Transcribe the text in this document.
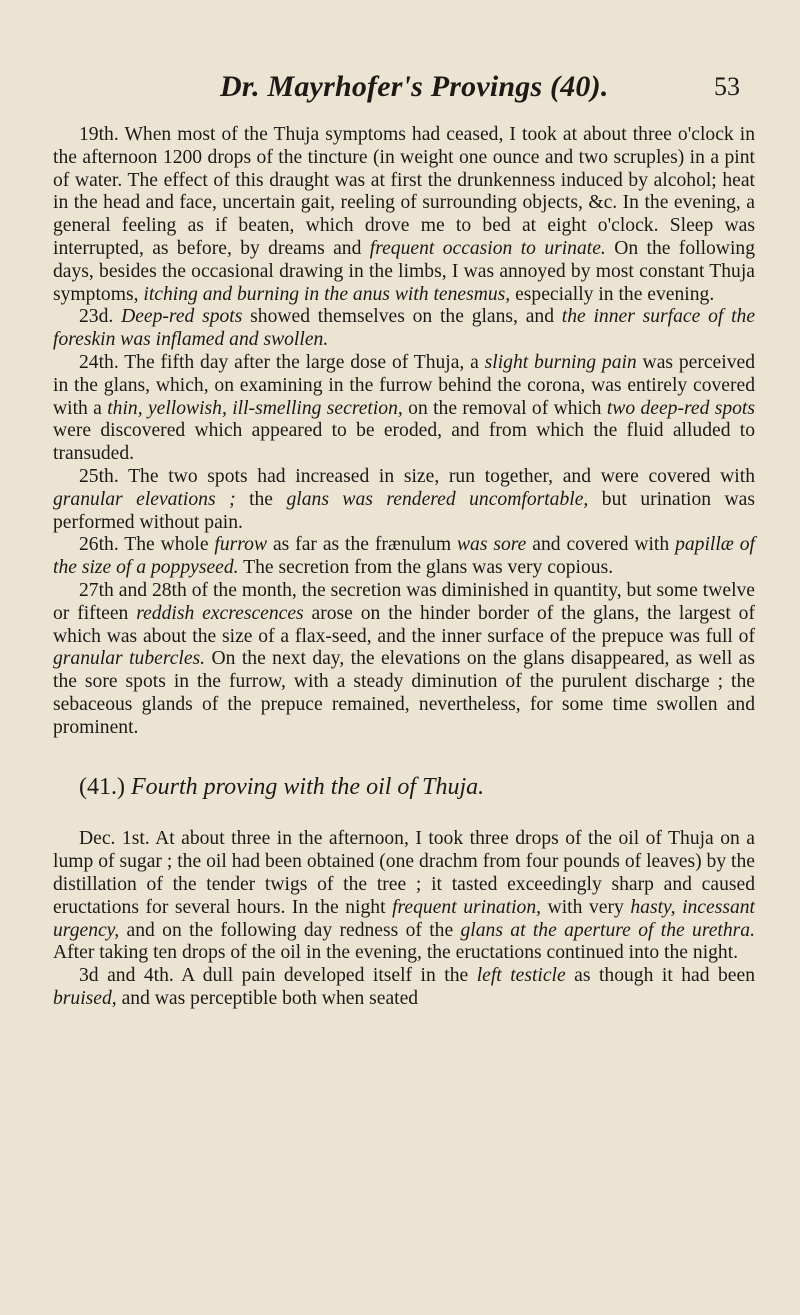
Dr. Mayrhofer's Provings (40).	53

19th. When most of the Thuja symptoms had ceased, I took at about three o'clock in the afternoon 1200 drops of the tincture (in weight one ounce and two scruples) in a pint of water. The effect of this draught was at first the drunkenness induced by alcohol; heat in the head and face, uncertain gait, reeling of surrounding objects, &c. In the evening, a general feeling as if beaten, which drove me to bed at eight o'clock. Sleep was interrupted, as before, by dreams and frequent occasion to urinate. On the following days, besides the occasional drawing in the limbs, I was annoyed by most constant Thuja symptoms, itching and burning in the anus with tenesmus, especially in the evening.

23d. Deep-red spots showed themselves on the glans, and the inner surface of the foreskin was inflamed and swollen.

24th. The fifth day after the large dose of Thuja, a slight burning pain was perceived in the glans, which, on examining in the furrow behind the corona, was entirely covered with a thin, yellowish, ill-smelling secretion, on the removal of which two deep-red spots were discovered which appeared to be eroded, and from which the fluid alluded to transuded.

25th. The two spots had increased in size, run together, and were covered with granular elevations ; the glans was rendered uncomfortable, but urination was performed without pain.

26th. The whole furrow as far as the frænulum was sore and covered with papillæ of the size of a poppyseed. The secretion from the glans was very copious.

27th and 28th of the month, the secretion was diminished in quantity, but some twelve or fifteen reddish excrescences arose on the hinder border of the glans, the largest of which was about the size of a flax-seed, and the inner surface of the prepuce was full of granular tubercles. On the next day, the elevations on the glans disappeared, as well as the sore spots in the furrow, with a steady diminution of the purulent discharge ; the sebaceous glands of the prepuce remained, nevertheless, for some time swollen and prominent.

(41.) Fourth proving with the oil of Thuja.

Dec. 1st. At about three in the afternoon, I took three drops of the oil of Thuja on a lump of sugar ; the oil had been obtained (one drachm from four pounds of leaves) by the distillation of the tender twigs of the tree ; it tasted exceedingly sharp and caused eructations for several hours. In the night frequent urination, with very hasty, incessant urgency, and on the following day redness of the glans at the aperture of the urethra. After taking ten drops of the oil in the evening, the eructations continued into the night.

3d and 4th. A dull pain developed itself in the left testicle as though it had been bruised, and was perceptible both when seated
